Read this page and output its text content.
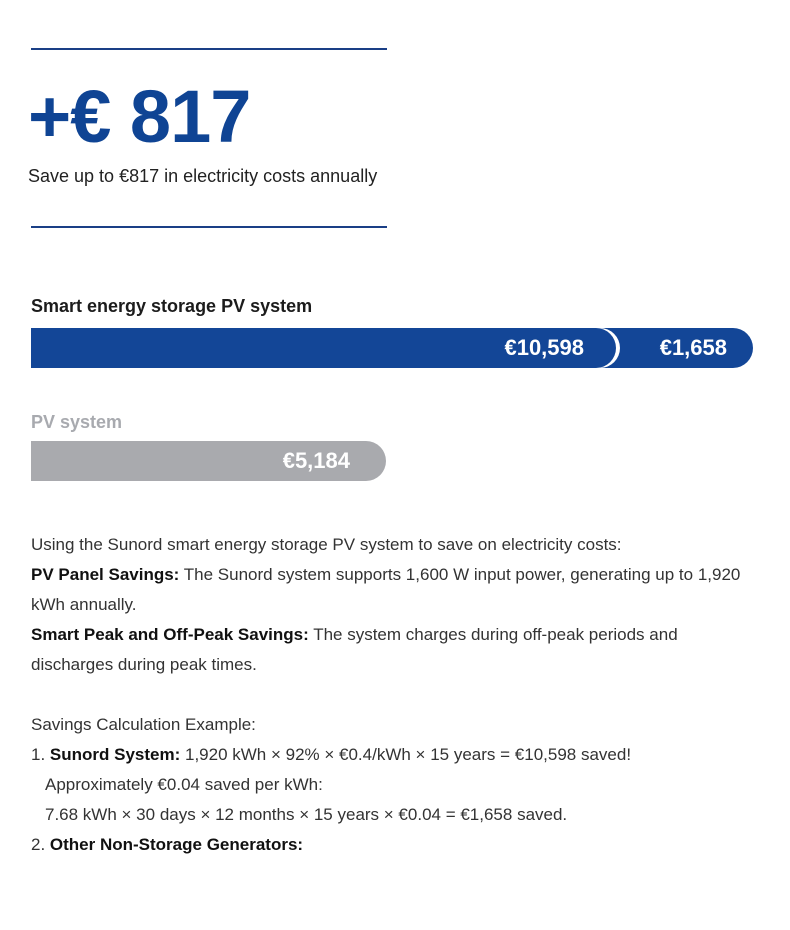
+€ 817
Save up to €817 in electricity costs annually
Smart energy storage PV system
€10,598	€1,658
PV system
€5,184

Using the Sunord smart energy storage PV system to save on electricity costs:

PV Panel Savings: The Sunord system supports 1,600 W input power, generating up to 1,920 kWh annually.

Smart Peak and Off-Peak Savings: The system charges during off-peak periods and discharges during peak times.

Savings Calculation Example:

1. Sunord System: 1,920 kWh × 92% × €0.4/kWh × 15 years = €10,598 saved!

Approximately €0.04 saved per kWh:

7.68 kWh × 30 days × 12 months × 15 years × €0.04 = €1,658 saved.

2. Other Non-Storage Generators:
